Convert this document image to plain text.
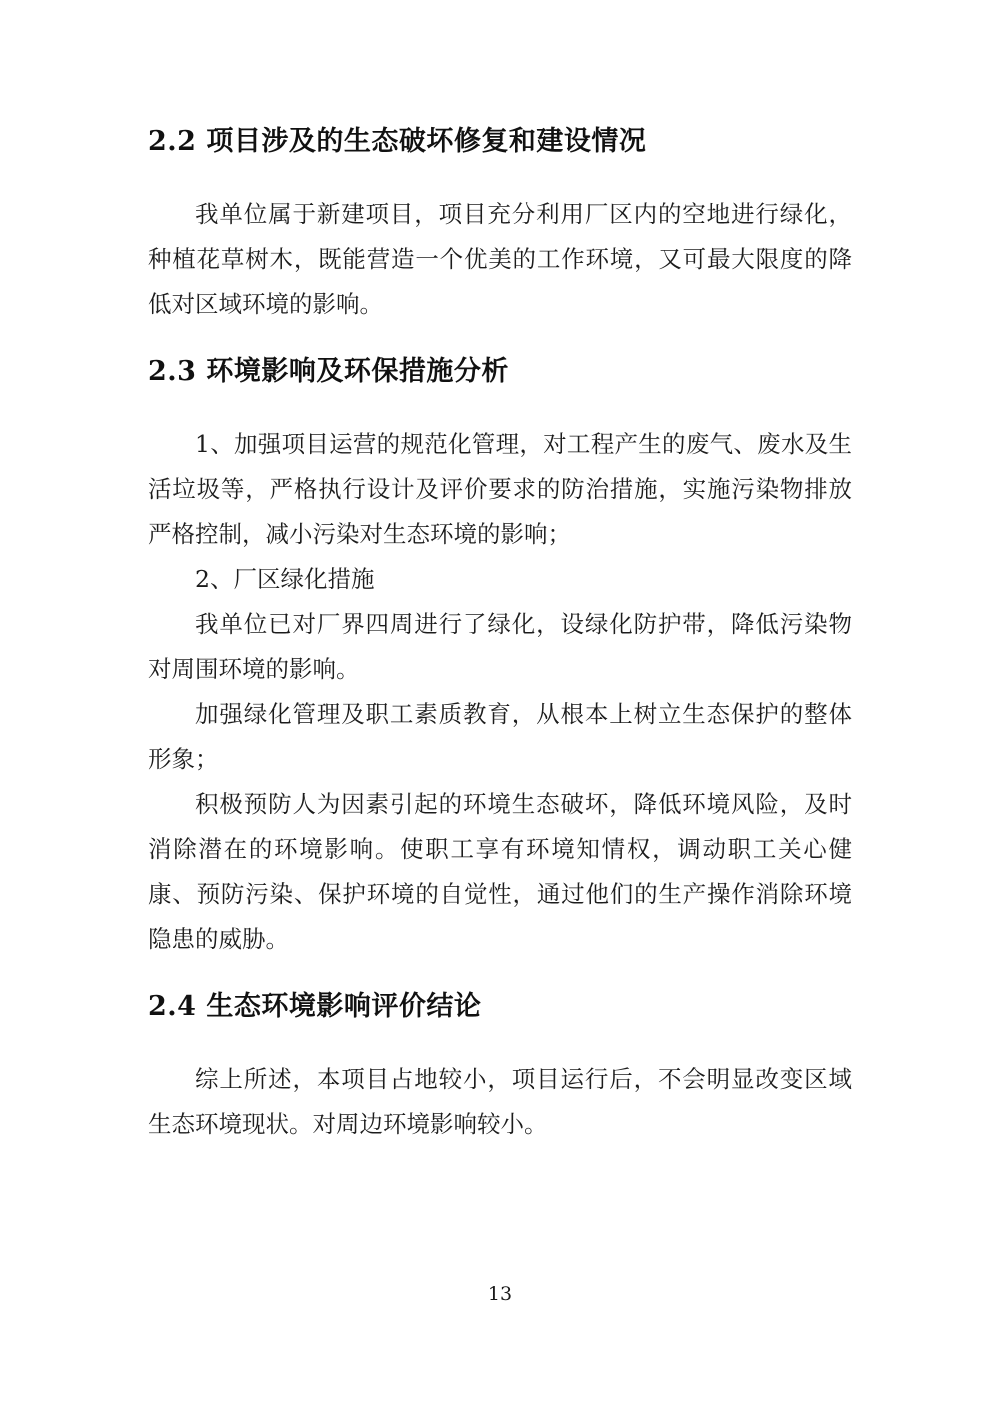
2.2 项目涉及的生态破坏修复和建设情况

我单位属于新建项目，项目充分利用厂区内的空地进行绿化，种植花草树木，既能营造一个优美的工作环境，又可最大限度的降低对区域环境的影响。

2.3 环境影响及环保措施分析

1、加强项目运营的规范化管理，对工程产生的废气、废水及生活垃圾等，严格执行设计及评价要求的防治措施，实施污染物排放严格控制，减小污染对生态环境的影响；

2、厂区绿化措施

我单位已对厂界四周进行了绿化，设绿化防护带，降低污染物对周围环境的影响。

加强绿化管理及职工素质教育，从根本上树立生态保护的整体形象；

积极预防人为因素引起的环境生态破坏，降低环境风险，及时消除潜在的环境影响。使职工享有环境知情权，调动职工关心健康、预防污染、保护环境的自觉性，通过他们的生产操作消除环境隐患的威胁。

2.4 生态环境影响评价结论

综上所述，本项目占地较小，项目运行后，不会明显改变区域生态环境现状。对周边环境影响较小。

13
